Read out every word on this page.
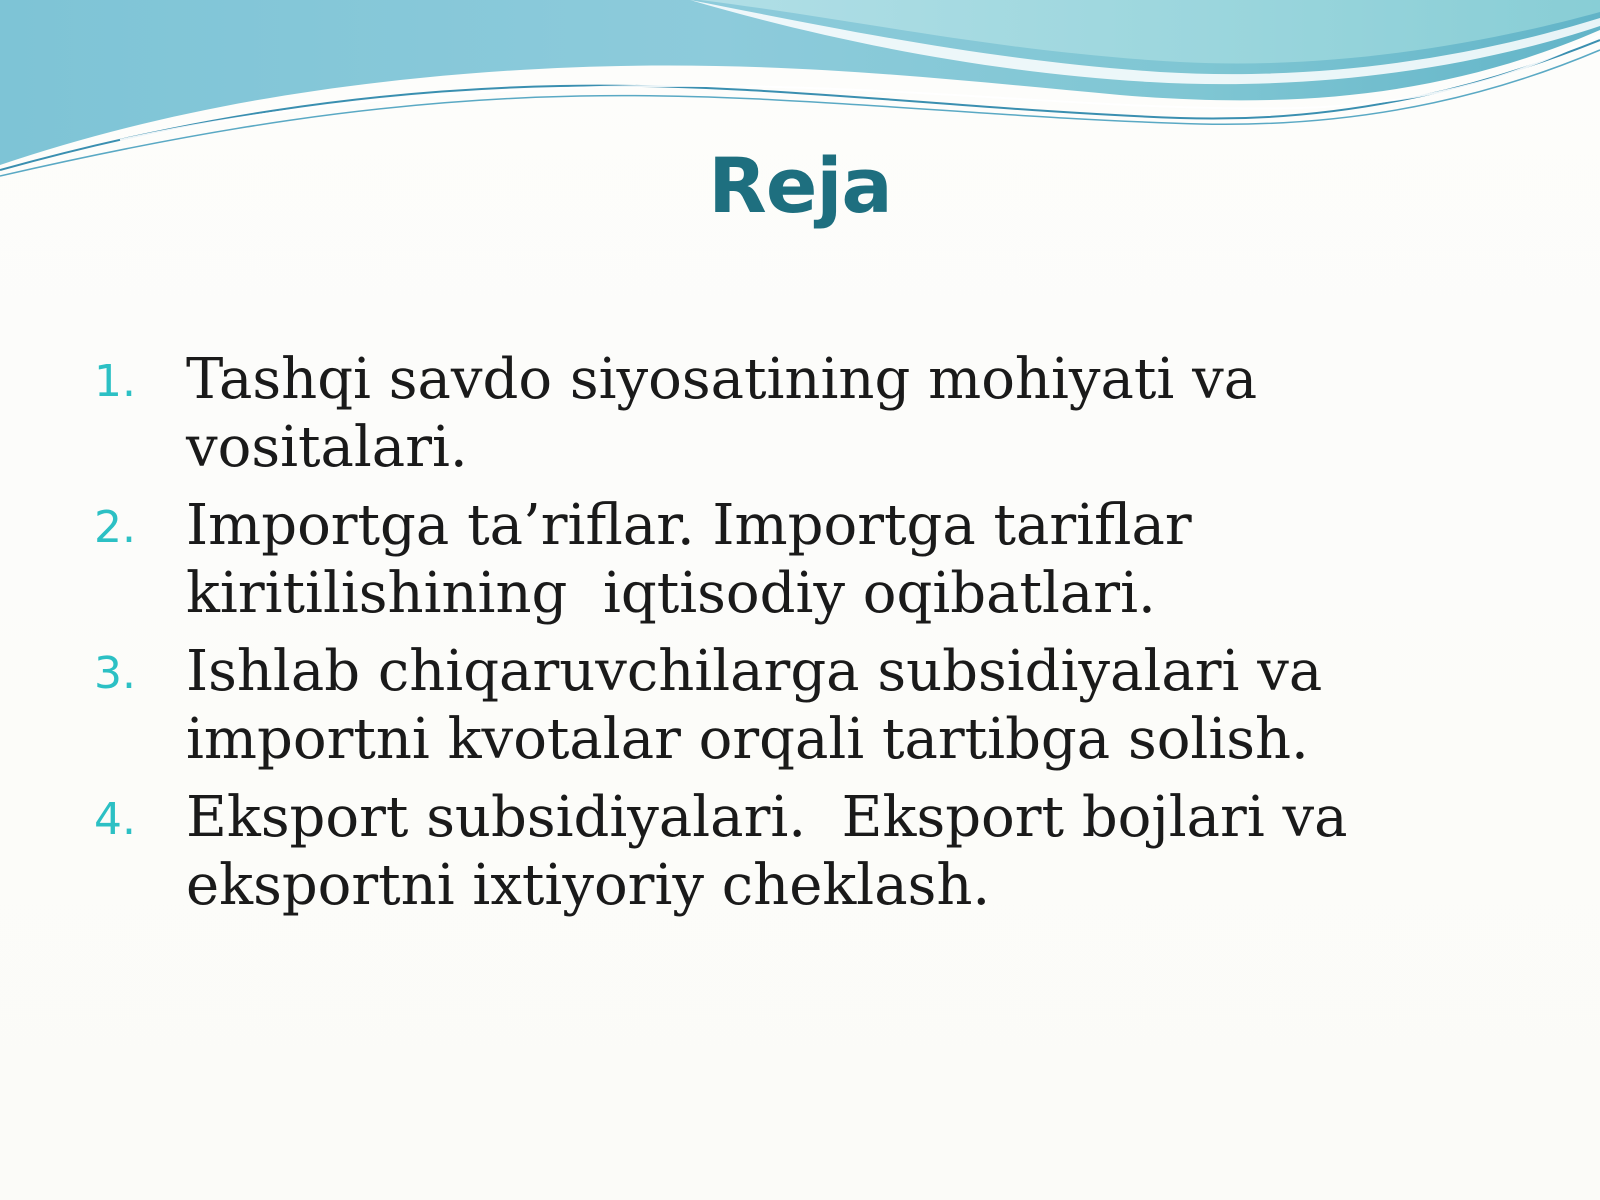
Reja
1. Tashqi savdo siyosatining mohiyati va vositalari.
2. Importga ta’riflar. Importga tariflar kiritilishining  iqtisodiy oqibatlari.
3. Ishlab chiqaruvchilarga subsidiyalari va importni kvotalar orqali tartibga solish.
4. Eksport subsidiyalari.  Eksport bojlari va eksportni ixtiyoriy cheklash.
